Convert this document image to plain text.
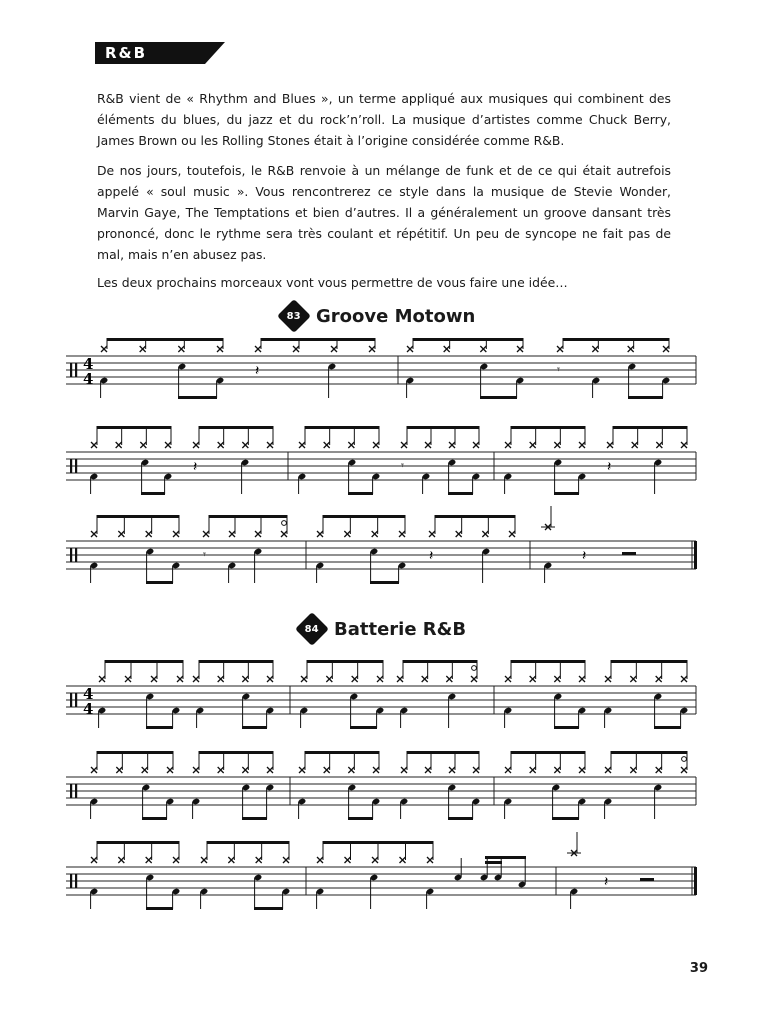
R&B

R&B vient de « Rhythm and Blues », un terme appliqué aux musiques qui combinent des éléments du blues, du jazz et du rock’n’roll. La musique d’artistes comme Chuck Berry, James Brown ou les Rolling Stones était à l’origine considérée comme R&B.

De nos jours, toutefois, le R&B renvoie à un mélange de funk et de ce qui était autrefois appelé « soul music ». Vous rencontrerez ce style dans la musique de Stevie Wonder, Marvin Gaye, The Temptations et bien d’autres. Il a généralement un groove dansant très prononcé, donc le rythme sera très coulant et répétitif. Un peu de syncope ne fait pas de mal, mais n’en abusez pas.

Les deux prochains morceaux vont vous permettre de vous faire une idée…

83 Groove Motown
84 Batterie R&B
4
4	𝄽	𝄾
𝄽	𝄾	𝄽
𝄾	𝄽	𝄽
4
4
𝄽
39
